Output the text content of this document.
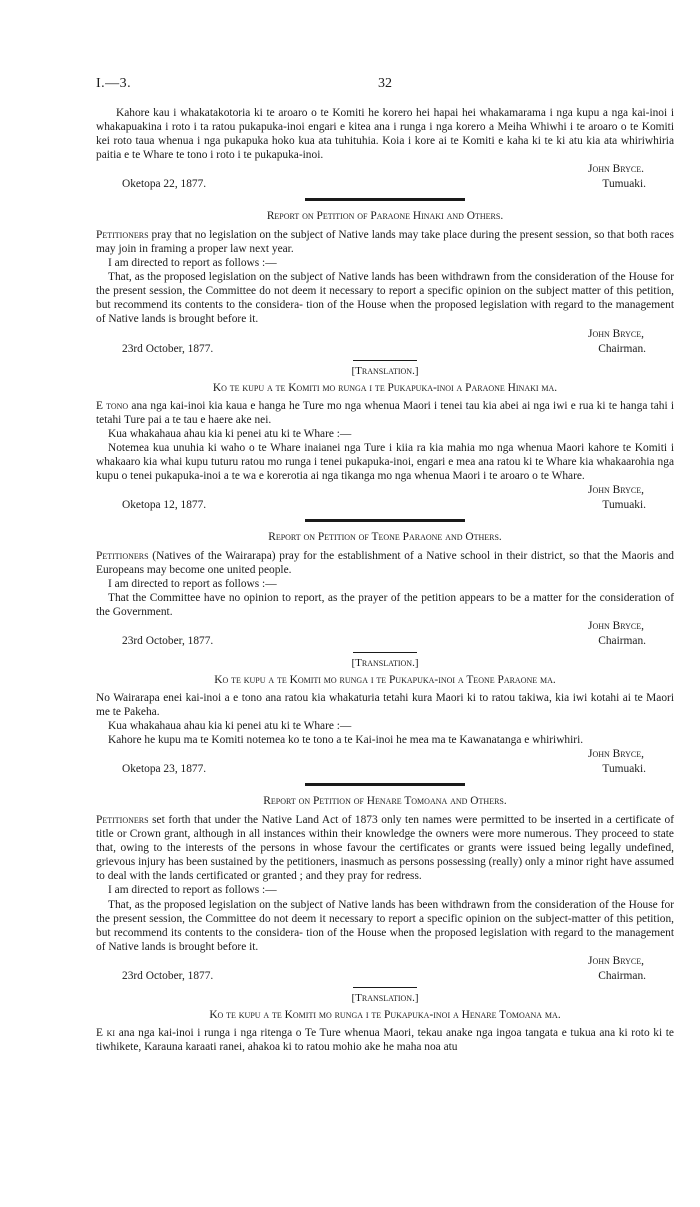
I.—3.	32

Kahore kau i whakatakotoria ki te aroaro o te Komiti he korero hei hapai hei whakamarama i nga kupu a nga kai-inoi i whakapuakina i roto i ta ratou pukapuka-inoi engari e kitea ana i runga i nga korero a Meiha Whiwhi i te aroaro o te Komiti kei roto taua whenua i nga pukapuka hoko kua ata tuhituhia. Koia i kore ai te Komiti e kaha ki te ki atu kia ata whiriwhiria paitia e te Whare te tono i roto i te pukapuka-inoi.

John Bryce.
Oketopa 22, 1877.	Tumuaki.
Report on Petition of Paraone Hinaki and Others.

Petitioners pray that no legislation on the subject of Native lands may take place during the present session, so that both races may join in framing a proper law next year.

I am directed to report as follows :—

That, as the proposed legislation on the subject of Native lands has been withdrawn from the consideration of the House for the present session, the Committee do not deem it necessary to report a specific opinion on the subject matter of this petition, but recommend its contents to the considera- tion of the House when the proposed legislation with regard to the management of Native lands is brought before it.

John Bryce,
23rd October, 1877.	Chairman.
[Translation.]
Ko te kupu a te Komiti mo runga i te Pukapuka-inoi a Paraone Hinaki ma.

E tono ana nga kai-inoi kia kaua e hanga he Ture mo nga whenua Maori i tenei tau kia abei ai nga iwi e rua ki te hanga tahi i tetahi Ture pai a te tau e haere ake nei.

Kua whakahaua ahau kia ki penei atu ki te Whare :—

Notemea kua unuhia ki waho o te Whare inaianei nga Ture i kiia ra kia mahia mo nga whenua Maori kahore te Komiti i whakaaro kia whai kupu tuturu ratou mo runga i tenei pukapuka-inoi, engari e mea ana ratou ki te Whare kia whakaarohia nga kupu o tenei pukapuka-inoi a te wa e korerotia ai nga tikanga mo nga whenua Maori i te aroaro o te Whare.

John Bryce,
Oketopa 12, 1877.	Tumuaki.
Report on Petition of Teone Paraone and Others.

Petitioners (Natives of the Wairarapa) pray for the establishment of a Native school in their district, so that the Maoris and Europeans may become one united people.

I am directed to report as follows :—

That the Committee have no opinion to report, as the prayer of the petition appears to be a matter for the consideration of the Government.

John Bryce,
23rd October, 1877.	Chairman.
[Translation.]
Ko te kupu a te Komiti mo runga i te Pukapuka-inoi a Teone Paraone ma.

No Wairarapa enei kai-inoi a e tono ana ratou kia whakaturia tetahi kura Maori ki to ratou takiwa, kia iwi kotahi ai te Maori me te Pakeha.

Kua whakahaua ahau kia ki penei atu ki te Whare :—

Kahore he kupu ma te Komiti notemea ko te tono a te Kai-inoi he mea ma te Kawanatanga e whiriwhiri.

John Bryce,
Oketopa 23, 1877.	Tumuaki.
Report on Petition of Henare Tomoana and Others.

Petitioners set forth that under the Native Land Act of 1873 only ten names were permitted to be inserted in a certificate of title or Crown grant, although in all instances within their knowledge the owners were more numerous. They proceed to state that, owing to the interests of the persons in whose favour the certificates or grants were issued being legally undefined, grievous injury has been sustained by the petitioners, inasmuch as persons possessing (really) only a minor right have assumed to deal with the lands certificated or granted ; and they pray for redress.

I am directed to report as follows :—

That, as the proposed legislation on the subject of Native lands has been withdrawn from the consideration of the House for the present session, the Committee do not deem it necessary to report a specific opinion on the subject-matter of this petition, but recommend its contents to the considera- tion of the House when the proposed legislation with regard to the management of Native lands is brought before it.

John Bryce,
23rd October, 1877.	Chairman.
[Translation.]
Ko te kupu a te Komiti mo runga i te Pukapuka-inoi a Henare Tomoana ma.

E ki ana nga kai-inoi i runga i nga ritenga o Te Ture whenua Maori, tekau anake nga ingoa tangata e tukua ana ki roto ki te tiwhikete, Karauna karaati ranei, ahakoa ki to ratou mohio ake he maha noa atu
